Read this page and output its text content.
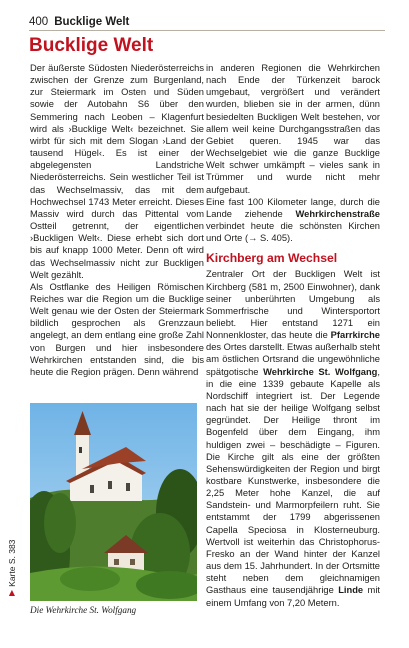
400 Bucklige Welt
Bucklige Welt

Der äußerste Südosten Niederösterreichs zwischen der Grenze zum Burgenland, zur Steiermark im Osten und Süden sowie der Autobahn S6 über den Semmering nach Leoben – Klagenfurt wird als ›Bucklige Welt‹ bezeichnet. Sie wirbt für sich mit dem Slogan ›Land der tausend Hügel‹. Es ist einer der abgelegensten Landstriche Niederösterreichs. Sein westlicher Teil ist das Wechselmassiv, das mit dem Hochwechsel 1743 Meter erreicht. Dieses Massiv wird durch das Pittental vom Ostteil getrennt, der eigentlichen ›Buckligen Welt‹. Diese erhebt sich dort bis auf knapp 1000 Meter. Denn oft wird das Wechselmassiv nicht zur Buckligen Welt gezählt.

Als Ostflanke des Heiligen Römischen Reiches war die Region um die Bucklige Welt genau wie der Osten der Steiermark bildlich gesprochen als Grenzzaun angelegt, an dem entlang eine große Zahl von Burgen und hier insbesondere Wehrkirchen entstanden sind, die bis heute die Region prägen. Denn während

in anderen Regionen die Wehrkirchen nach Ende der Türkenzeit barock umgebaut, vergrößert und verändert wurden, blieben sie in der armen, dünn besiedelten Buckligen Welt bestehen, vor allem weil keine Durchgangsstraßen das Gebiet queren. 1945 war das Wechselgebiet wie die ganze Bucklige Welt schwer umkämpft – vieles sank in Trümmer und wurde nicht mehr aufgebaut.

Eine fast 100 Kilometer lange, durch die Lande ziehende Wehrkirchenstraße verbindet heute die schönsten Kirchen und Orte (→ S. 405).

Kirchberg am Wechsel

Zentraler Ort der Buckligen Welt ist Kirchberg (581 m, 2500 Einwohner), dank seiner unberührten Umgebung als Sommerfrische und Wintersportort beliebt. Hier entstand 1271 ein Nonnenkloster, das heute die Pfarrkirche des Ortes darstellt. Etwas außerhalb steht am östlichen Ortsrand die ungewöhnliche spätgotische Wehrkirche St. Wolfgang, in die eine 1339 gebaute Kapelle als Nordschiff integriert ist. Der Legende nach hat sie der heilige Wolfgang selbst gegründet. Der Heilige thront im Bogenfeld über dem Eingang, ihm huldigen zwei – beschädigte – Figuren. Die Kirche gilt als eine der größten Sehenswürdigkeiten der Region und birgt kostbare Kunstwerke, insbesondere die 2,25 Meter hohe Kanzel, die auf Sandstein- und Marmorpfeilern ruht. Sie entstammt der 1799 abgerissenen Capella Speciosa in Klosterneuburg. Wertvoll ist weiterhin das Christophorus-Fresko an der Wand hinter der Kanzel aus dem 15. Jahrhundert. In der Ortsmitte steht neben dem gleichnamigen Gasthaus eine tausendjährige Linde mit einem Umfang von 7,20 Metern.

Die Wehrkirche St. Wolfgang
▶
Karte S. 383
